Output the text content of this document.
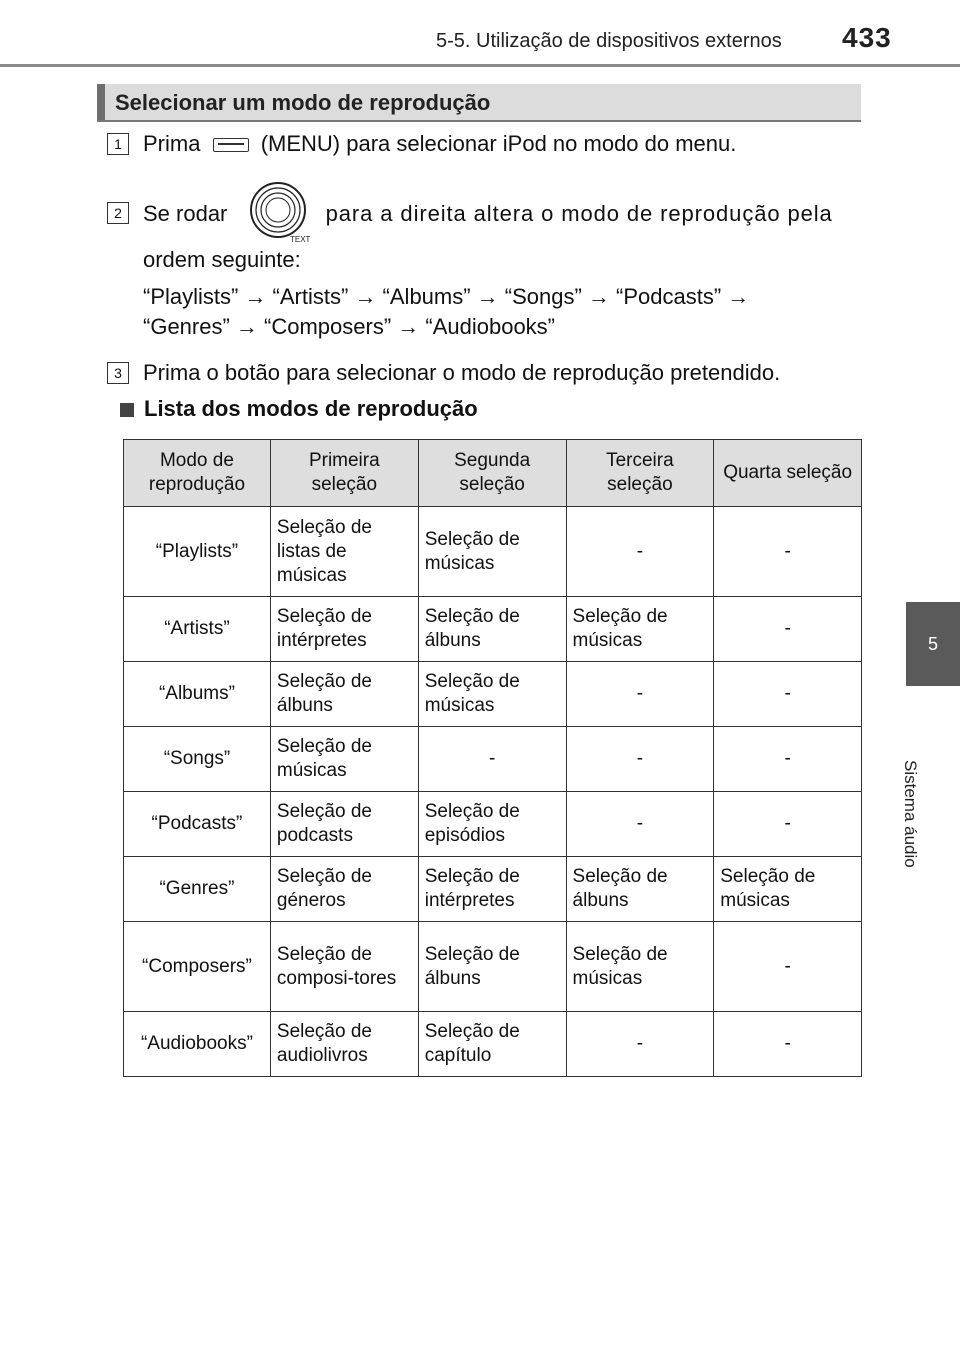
5-5. Utilização de dispositivos externos 433
5
Sistema áudio
Selecionar um modo de reprodução
1 Prima	(MENU) para selecionar iPod no modo do menu.
2 Se rodar	para a direita altera o modo de reprodução pela
TEXT
ordem seguinte:
“Playlists” → “Artists” → “Albums” → “Songs” → “Podcasts” →
“Genres” → “Composers” → “Audiobooks”
3 Prima o botão para selecionar o modo de reprodução pretendido.
Lista dos modos de reprodução
Modo de reprodução	Primeira seleção	Segunda seleção	Terceira seleção	Quarta seleção
“Playlists”	Seleção de listas de músicas	Seleção de músicas	-	-
“Artists”	Seleção de intérpretes	Seleção de álbuns	Seleção de músicas	-
“Albums”	Seleção de álbuns	Seleção de músicas	-	-
“Songs”	Seleção de músicas	-	-	-
“Podcasts”	Seleção de podcasts	Seleção de episódios	-	-
“Genres”	Seleção de géneros	Seleção de intérpretes	Seleção de álbuns	Seleção de músicas
“Composers”	Seleção de composi-tores	Seleção de álbuns	Seleção de músicas	-
“Audiobooks”	Seleção de audiolivros	Seleção de capítulo	-	-
